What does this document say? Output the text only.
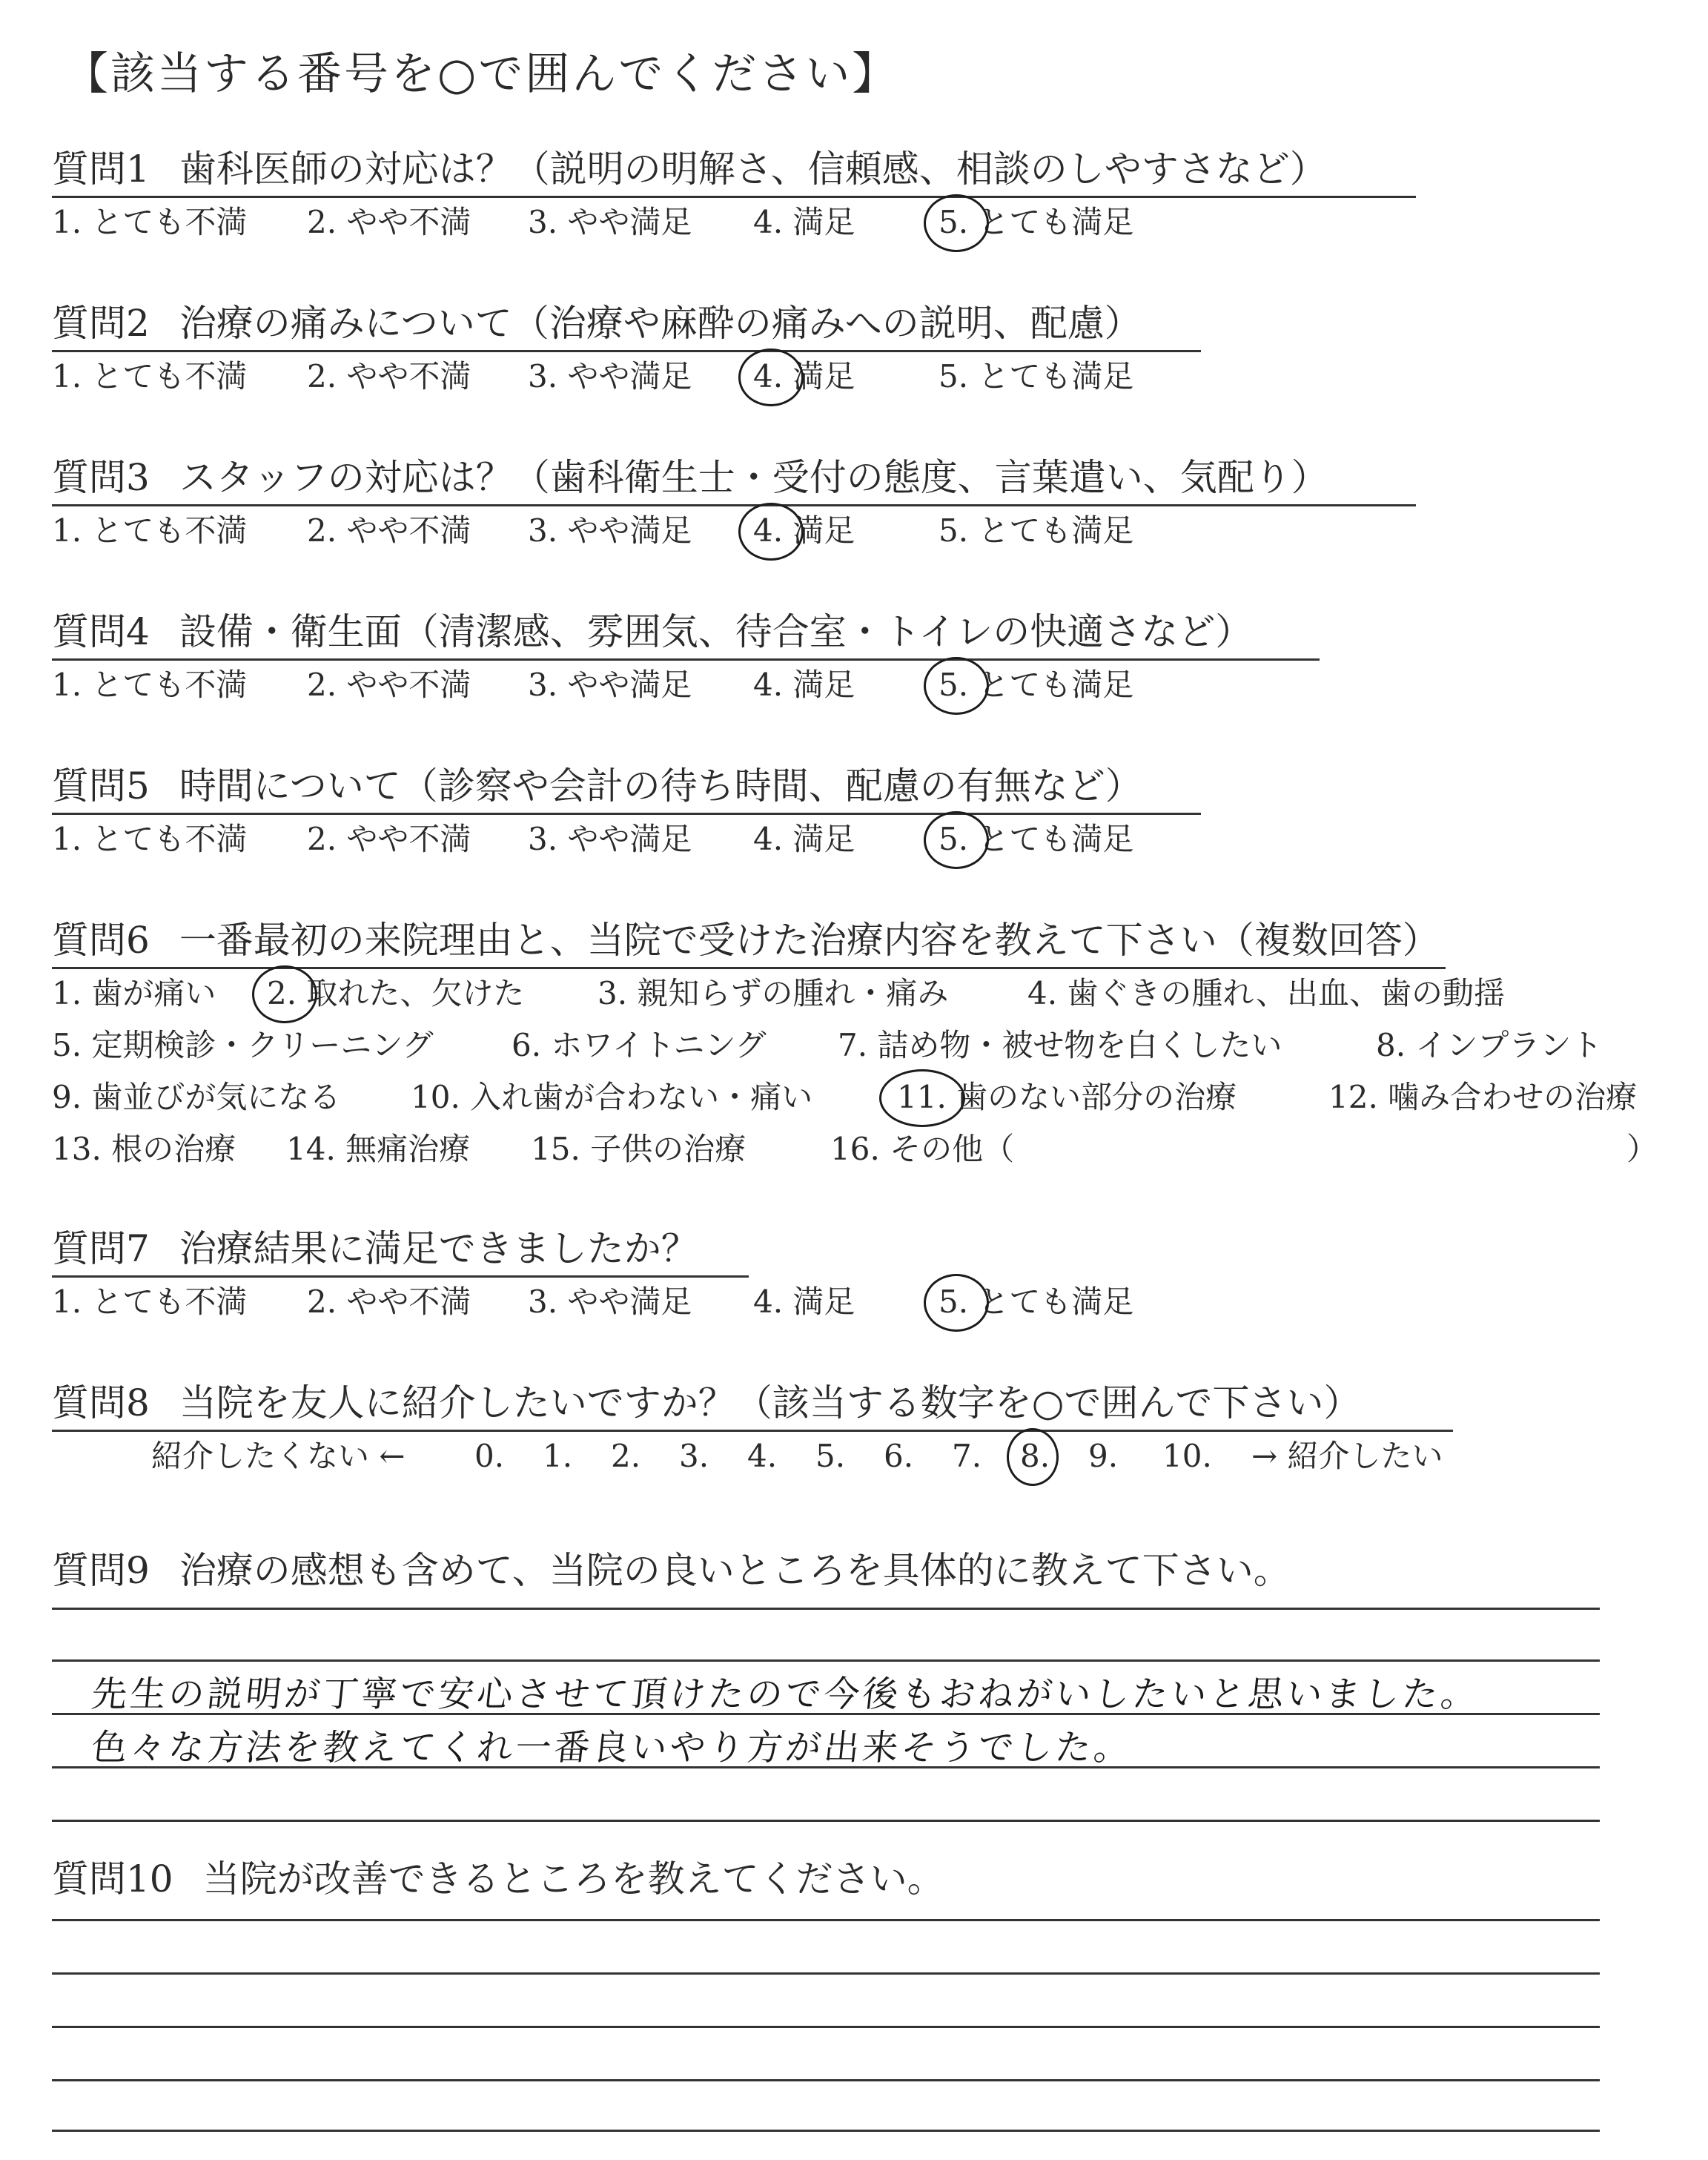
【該当する番号を○で囲んでください】
質問1 歯科医師の対応は？（説明の明解さ、信頼感、相談のしやすさなど）
1. とても不満 2. やや不満 3. やや満足 4. 満足	5. とても満足
質問2 治療の痛みについて（治療や麻酔の痛みへの説明、配慮）
1. とても不満 2. やや不満 3. やや満足 4. 満足	5. とても満足
質問3 スタッフの対応は？（歯科衛生士・受付の態度、言葉遣い、気配り）
1. とても不満 2. やや不満 3. やや満足 4. 満足	5. とても満足
質問4 設備・衛生面（清潔感、雰囲気、待合室・トイレの快適さなど）
1. とても不満 2. やや不満 3. やや満足 4. 満足	5. とても満足
質問5 時間について（診察や会計の待ち時間、配慮の有無など）
1. とても不満 2. やや不満 3. やや満足 4. 満足	5. とても満足
質問6 一番最初の来院理由と、当院で受けた治療内容を教えて下さい（複数回答）
1. 歯が痛い 2. 取れた、欠けた 3. 親知らずの腫れ・痛み	4. 歯ぐきの腫れ、出血、歯の動揺
5. 定期検診・クリーニング	6. ホワイトニング 7. 詰め物・被せ物を白くしたい	8. インプラント
9. 歯並びが気になる 10. 入れ歯が合わない・痛い	11. 歯のない部分の治療	12. 噛み合わせの治療
13. 根の治療 14. 無痛治療 15. 子供の治療	16. その他（	）
質問7 治療結果に満足できましたか？
1. とても不満 2. やや不満 3. やや満足 4. 満足	5. とても満足
質問8 当院を友人に紹介したいですか？（該当する数字を○で囲んで下さい）
紹介したくない ← 0. 1. 2. 3. 4. 5. 6. 7. 8. 9. 10. → 紹介したい
質問9 治療の感想も含めて、当院の良いところを具体的に教えて下さい。
先生の説明が丁寧で安心させて頂けたので今後もおねがいしたいと思いました。
色々な方法を教えてくれ一番良いやり方が出来そうでした。
質問10 当院が改善できるところを教えてください。
